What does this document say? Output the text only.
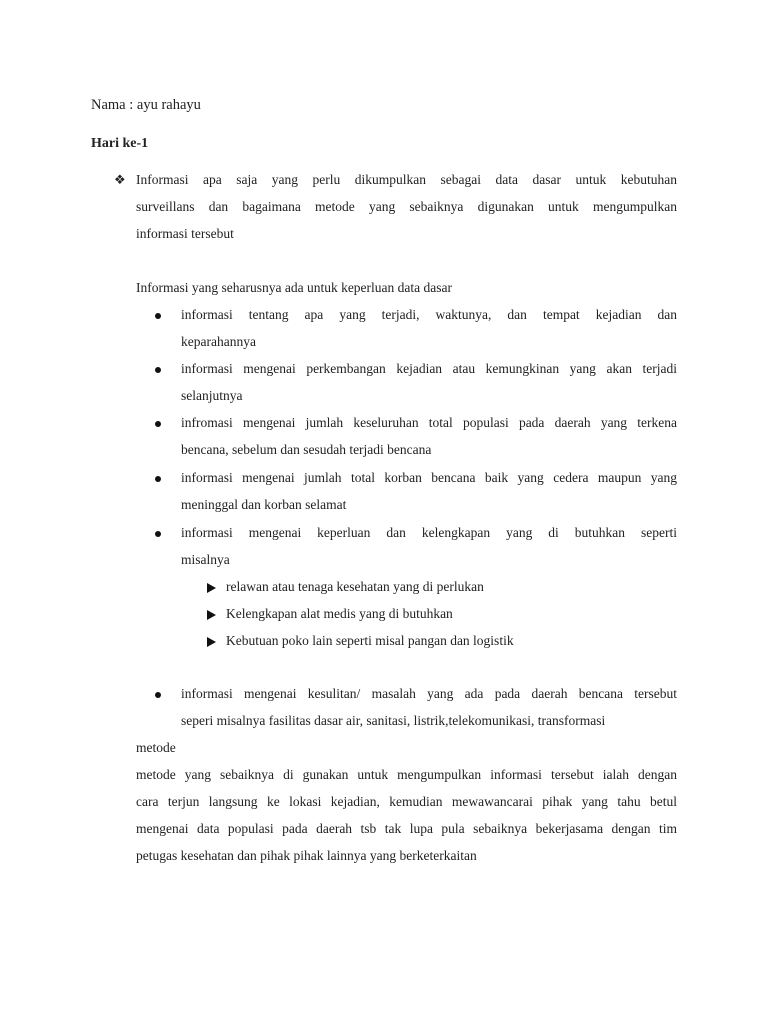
Nama : ayu rahayu
Hari ke-1
❖ Informasi apa saja yang perlu dikumpulkan sebagai data dasar untuk kebutuhan
surveillans dan bagaimana metode yang sebaiknya digunakan untuk mengumpulkan
informasi tersebut
Informasi yang seharusnya ada untuk keperluan data dasar
informasi tentang apa yang terjadi, waktunya, dan tempat kejadian dan
keparahannya
informasi mengenai perkembangan kejadian atau kemungkinan yang akan terjadi
selanjutnya
infromasi mengenai jumlah keseluruhan total populasi pada daerah yang terkena
bencana, sebelum dan sesudah terjadi bencana
informasi mengenai jumlah total korban bencana baik yang cedera maupun yang
meninggal dan korban selamat
informasi mengenai keperluan dan kelengkapan yang di butuhkan seperti
misalnya
relawan atau tenaga kesehatan yang di perlukan
Kelengkapan alat medis yang di butuhkan
Kebutuan poko lain seperti misal pangan dan logistik
informasi mengenai kesulitan/ masalah yang ada pada daerah bencana tersebut
seperi misalnya fasilitas dasar air, sanitasi, listrik,telekomunikasi, transformasi
metode
metode yang sebaiknya di gunakan untuk mengumpulkan informasi tersebut ialah dengan
cara terjun langsung ke lokasi kejadian, kemudian mewawancarai pihak yang tahu betul
mengenai data populasi pada daerah tsb tak lupa pula sebaiknya bekerjasama dengan tim
petugas kesehatan dan pihak pihak lainnya yang berketerkaitan
